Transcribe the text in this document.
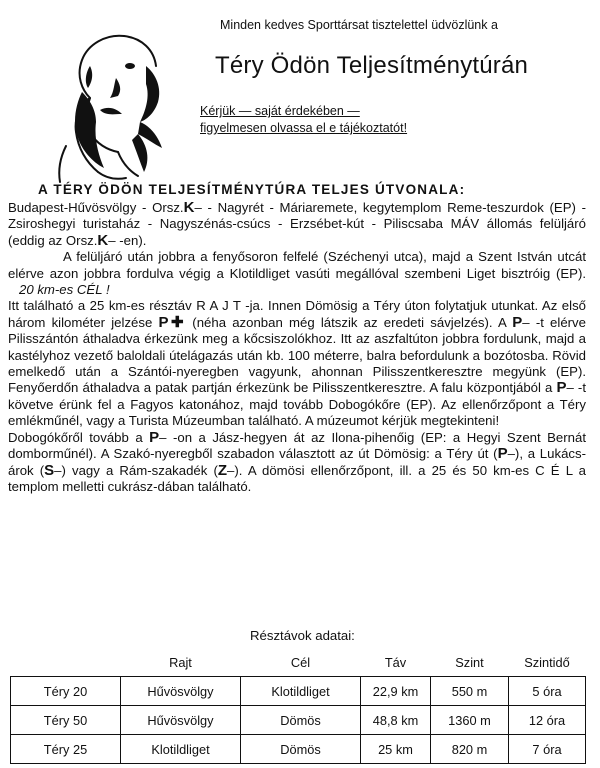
Minden kedves Sporttársat tisztelettel üdvözlünk a
Téry Ödön Teljesítménytúrán
Kérjük — saját érdekében —
figyelmesen olvassa el e tájékoztatót!
A TÉRY ÖDÖN TELJESÍTMÉNYTÚRA TELJES ÚTVONALA:

Budapest-Hűvösvölgy - Orsz.K– - Nagyrét - Máriaremete, kegytemplom Reme-teszurdok (EP) - Zsiroshegyi turistaház - Nagyszénás-csúcs - Erzsébet-kút - Piliscsaba MÁV állomás felüljáró (eddig az Orsz.K– -en).

A felüljáró után jobbra a fenyősoron felfelé (Széchenyi utca), majd a Szent István utcát elérve azon jobbra fordulva végig a Klotildliget vasúti megállóval szembeni Liget bisztróig (EP).    20 km-es CÉL !

Itt található a 25 km-es résztáv R A J T -ja. Innen Dömösig a Téry úton folytatjuk utunkat. Az első három kilométer jelzése P✚ (néha azonban még látszik az eredeti sávjelzés). A P– -t elérve Pilisszántón áthaladva érkezünk meg a kőcsiszolókhoz. Itt az aszfaltúton jobbra fordulunk, majd a kastélyhoz vezető baloldali útelágazás után kb. 100 méterre, balra befordulunk a bozótosba. Rövid emelkedő után a Szántói-nyeregben vagyunk, ahonnan Pilisszentkeresztre megyünk (EP). Fenyőerdőn áthaladva a patak partján érkezünk be Pilisszentkeresztre. A falu központjából a P– -t követve érünk fel a Fagyos katonához, majd tovább Dobogókőre (EP). Az ellenőrzőpont a Téry emlékműnél, vagy a Turista Múzeumban található. A múzeumot kérjük megtekinteni!

Dobogókőről tovább a P– -on a Jász-hegyen át az Ilona-pihenőig (EP: a Hegyi Szent Bernát domborműnél). A Szakó-nyeregből szabadon választott az út Dömösig: a Téry út (P–), a Lukács-árok (S–) vagy a Rám-szakadék (Z–). A dömösi ellenőrzőpont, ill. a 25 és 50 km-es C É L a templom melletti cukrász-dában található.

Résztávok adatai:
	Rajt	Cél	Táv	Szint	Szintidő
Téry 20	Hűvösvölgy	Klotildliget	22,9 km	550 m	5 óra
Téry 50	Hűvösvölgy	Dömös	48,8 km	1360 m	12 óra
Téry 25	Klotildliget	Dömös	25 km	820 m	7 óra
